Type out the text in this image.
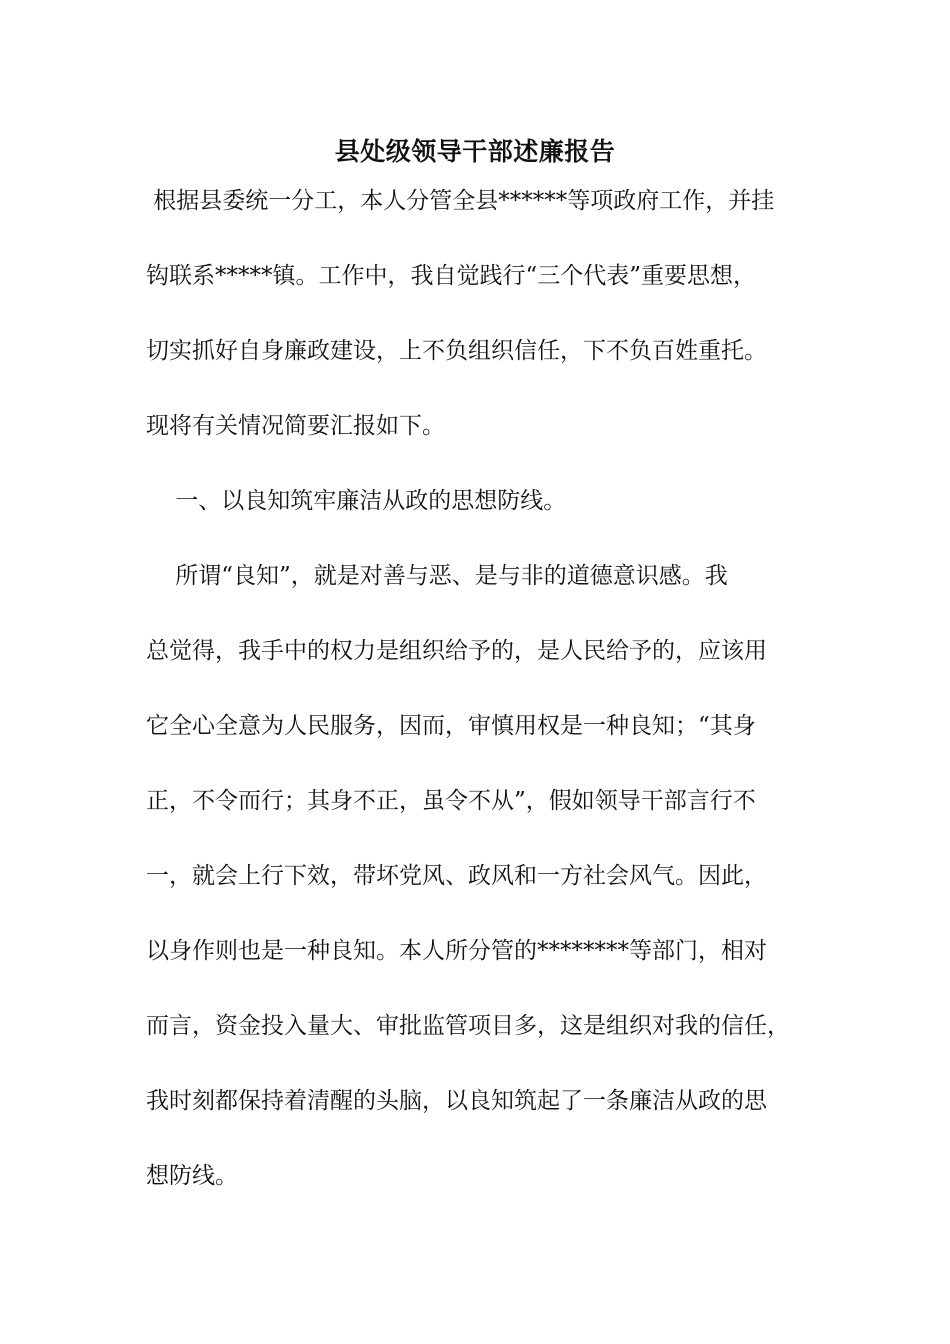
县处级领导干部述廉报告

根据县委统一分工，本人分管全县******等项政府工作，并挂

钩联系*****镇。工作中，我自觉践行“三个代表”重要思想，

切实抓好自身廉政建设，上不负组织信任，下不负百姓重托。

现将有关情况简要汇报如下。

一、以良知筑牢廉洁从政的思想防线。

所谓“良知”，就是对善与恶、是与非的道德意识感。我

总觉得，我手中的权力是组织给予的，是人民给予的，应该用

它全心全意为人民服务，因而，审慎用权是一种良知；“其身

正，不令而行；其身不正，虽令不从”，假如领导干部言行不

一，就会上行下效，带坏党风、政风和一方社会风气。因此，

以身作则也是一种良知。本人所分管的********等部门，相对

而言，资金投入量大、审批监管项目多，这是组织对我的信任，

我时刻都保持着清醒的头脑，以良知筑起了一条廉洁从政的思

想防线。
